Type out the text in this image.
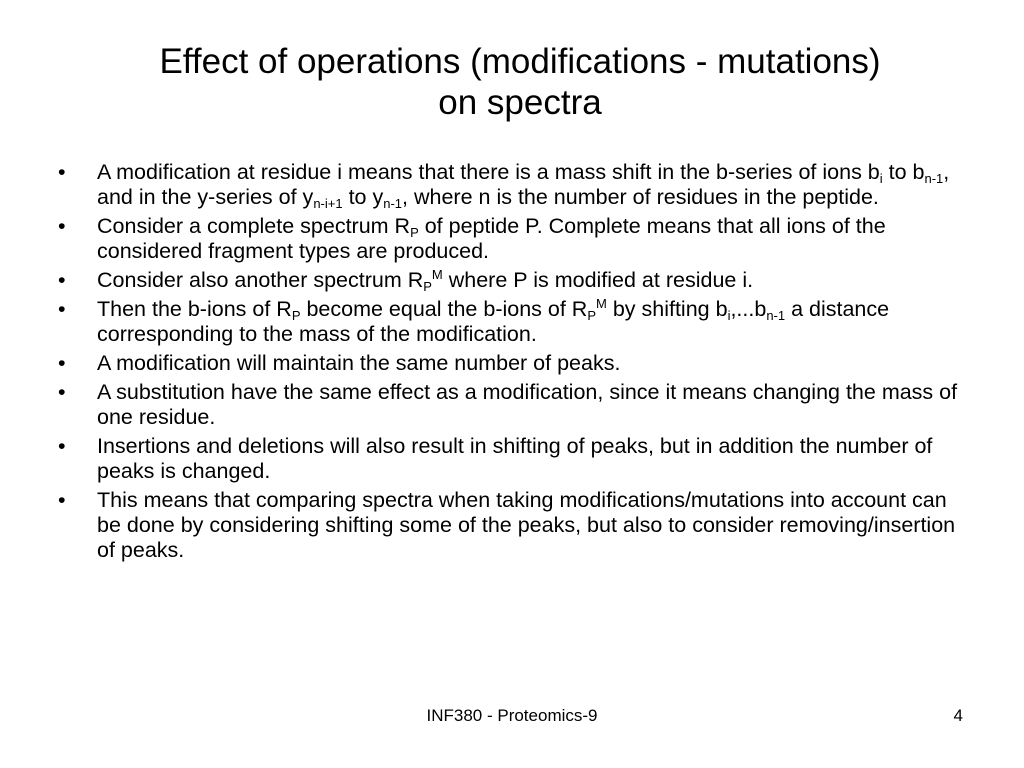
Effect of operations (modifications - mutations)
on spectra
•	A modification at residue i means that there is a mass shift in the b-series of ions $b_i$ to $b_{n-1}$, and in the y-series of $y_{n-i+1}$ to $y_{n-1}$, where n is the number of residues in the peptide.
•	Consider a complete spectrum $R_P$ of peptide P. Complete means that all ions of the considered fragment types are produced.
•	Consider also another spectrum $R_P^M$ where P is modified at residue i.
•	Then the b-ions of $R_P$ become equal the b-ions of $R_P^M$ by shifting $b_i,...b_{n-1}$ a distance corresponding to the mass of the modification.
•	A modification will maintain the same number of peaks.
•	A substitution have the same effect as a modification, since it means changing the mass of one residue.
•	Insertions and deletions will also result in shifting of peaks, but in addition the number of peaks is changed.
•	This means that comparing spectra when taking modifications/mutations into account can be done by considering shifting some of the peaks, but also to consider removing/insertion of peaks.
INF380 - Proteomics-9	4
